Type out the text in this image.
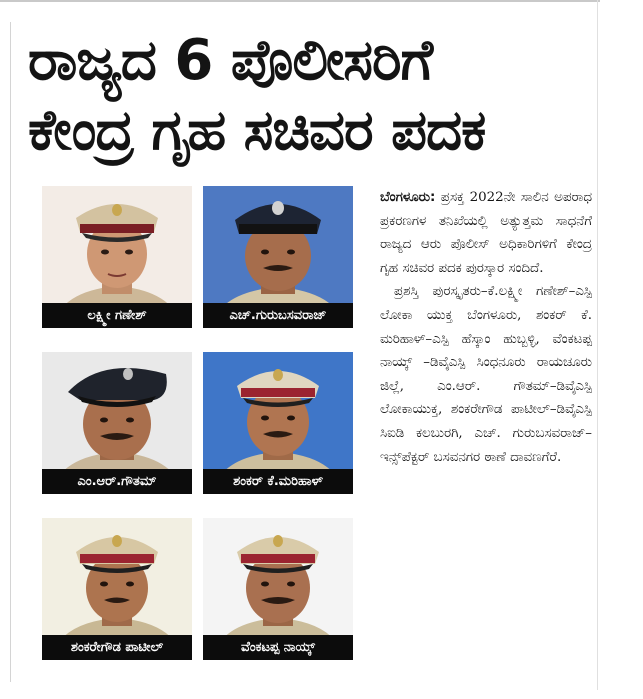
ರಾಜ್ಯದ 6 ಪೊಲೀಸರಿಗೆ
ಕೇಂದ್ರ ಗೃಹ ಸಚಿವರ ಪದಕ
ಲಕ್ಷ್ಮೀ ಗಣೇಶ್	ಎಚ್.ಗುರುಬಸವರಾಜ್
ಎಂ.ಆರ್.ಗೌತಮ್	ಶಂಕರ್ ಕೆ.ಮರಿಹಾಳ್
ಶಂಕರೇಗೌಡ ಪಾಟೀಲ್	ವೆಂಕಟಪ್ಪ ನಾಯ್ಕ್

ಬೆಂಗಳೂರು: ಪ್ರಸಕ್ತ 2022ನೇ ಸಾಲಿನ ಅಪರಾಧ ಪ್ರಕರಣಗಳ ತನಿಖೆಯಲ್ಲಿ ಅತ್ಯುತ್ತಮ ಸಾಧನೆಗೆ ರಾಜ್ಯದ ಆರು ಪೊಲೀಸ್ ಅಧಿಕಾರಿಗಳಿಗೆ ಕೇಂದ್ರ ಗೃಹ ಸಚಿವರ ಪದಕ ಪುರಸ್ಕಾರ ಸಂದಿದೆ.

ಪ್ರಶಸ್ತಿ ಪುರಸ್ಕೃತರು–ಕೆ.ಲಕ್ಷ್ಮೀ ಗಣೇಶ್–ಎಸ್ಪಿ ಲೋಕಾ ಯುಕ್ತ ಬೆಂಗಳೂರು, ಶಂಕರ್ ಕೆ. ಮರಿಹಾಳ್–ಎಸ್ಪಿ ಹೆಸ್ಕಾಂ ಹುಬ್ಬಳ್ಳಿ, ವೆಂಕಟಪ್ಪ ನಾಯ್ಕ್ –ಡಿವೈಎಸ್ಪಿ ಸಿಂಧನೂರು ರಾಯಚೂರು ಜಿಲ್ಲೆ, ಎಂ.ಆರ್. ಗೌತಮ್–ಡಿವೈಎಸ್ಪಿ ಲೋಕಾಯುಕ್ತ, ಶಂಕರೇಗೌಡ ಪಾಟೀಲ್–ಡಿವೈಎಸ್ಪಿ ಸಿಐಡಿ ಕಲಬುರಗಿ, ಎಚ್. ಗುರುಬಸವರಾಜ್–ಇನ್ಸ್‌ಪೆಕ್ಟರ್ ಬಸವನಗರ ಠಾಣೆ ದಾವಣಗೆರೆ.
